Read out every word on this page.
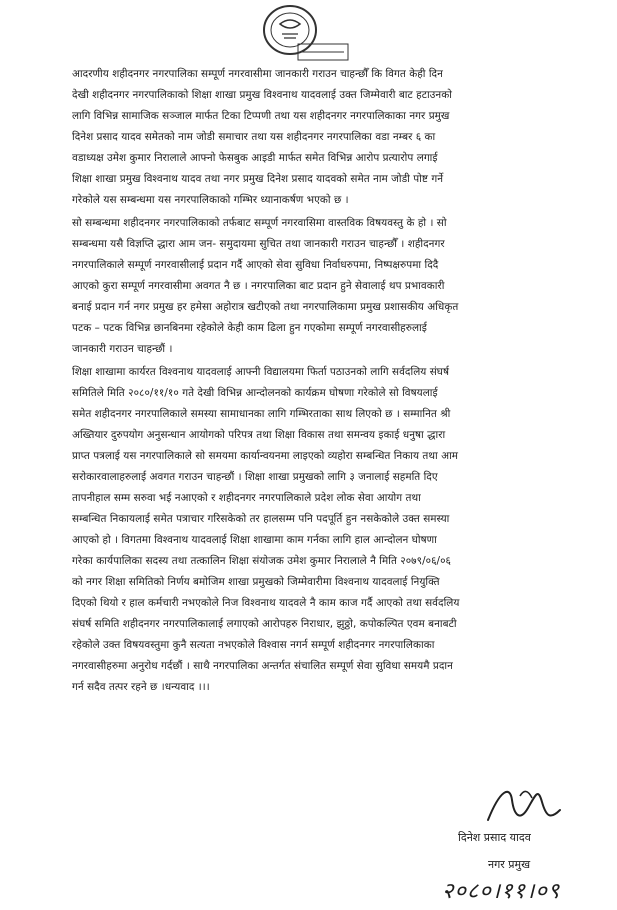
आदरणीय शहीदनगर नगरपालिका सम्पूर्ण नगरवासीमा जानकारी गराउन चाहन्छौँ कि विगत केही दिन
देखी शहीदनगर नगरपालिकाको शिक्षा शाखा प्रमुख विश्वनाथ यादवलाई उक्त जिम्मेवारी बाट हटाउनको
लागि विभिन्न सामाजिक सञ्जाल मार्फत टिका टिप्पणी तथा यस शहीदनगर नगरपालिकाका नगर प्रमुख
दिनेश प्रसाद यादव समेतको नाम जोडी समाचार तथा यस शहीदनगर नगरपालिका वडा नम्बर ६ का
वडाध्यक्ष उमेश कुमार निरालाले आफ्नो फेसबुक आइडी मार्फत समेत विभिन्न आरोप प्रत्यारोप लगाई
शिक्षा शाखा प्रमुख विश्वनाथ यादव तथा नगर प्रमुख दिनेश प्रसाद यादवको समेत नाम जोडी पोष्ट गर्ने
गरेकोले यस सम्बन्धमा यस नगरपालिकाको गम्भिर ध्यानाकर्षण भएको छ ।
सो सम्बन्धमा शहीदनगर नगरपालिकाको तर्फबाट सम्पूर्ण नगरवासिमा वास्तविक विषयवस्तु के हो । सो
सम्बन्धमा यसै विज्ञप्ति द्धारा आम जन- समुदायमा सुचित तथा जानकारी गराउन चाहन्छौँ । शहीदनगर
नगरपालिकाले सम्पूर्ण नगरवासीलाई प्रदान गर्दै आएको सेवा सुविधा निर्वाधरुपमा, निष्पक्षरुपमा दिदै
आएको कुरा सम्पूर्ण नगरवासीमा अवगत नै छ । नगरपालिका बाट प्रदान हुने सेवालाई थप प्रभावकारी
बनाई प्रदान गर्न नगर प्रमुख हर हमेसा अहोरात्र खटीएको तथा नगरपालिकामा प्रमुख प्रशासकीय अधिकृत
पटक – पटक विभिन्न छानबिनमा रहेकोले केही काम ढिला हुन गएकोमा सम्पूर्ण नगरवासीहरुलाई
जानकारी गराउन चाहन्छौं ।
शिक्षा शाखामा कार्यरत विश्वनाथ यादवलाई आफ्नी विद्यालयमा फिर्ता पठाउनको लागि सर्वदलिय संघर्ष
समितिले मिति २०८०/११/१० गते देखी विभिन्न आन्दोलनको कार्यक्रम घोषणा गरेकोले सो विषयलाई
समेत शहीदनगर नगरपालिकाले समस्या सामाधानका लागि गम्भिरताका साथ लिएको छ । सम्मानित श्री
अख्तियार दुरुपयोग अनुसन्धान आयोगको परिपत्र तथा शिक्षा विकास तथा समन्वय इकाई धनुषा द्धारा
प्राप्त पत्रलाई यस नगरपालिकाले सो समयमा कार्यान्वयनमा लाइएको व्यहोरा सम्बन्धित निकाय तथा आम
सरोकारवालाहरुलाई अवगत गराउन चाहन्छौं । शिक्षा शाखा प्रमुखको लागि ३ जनालाई सहमति दिए
तापनीहाल सम्म सरुवा भई नआएको र शहीदनगर नगरपालिकाले प्रदेश लोक सेवा आयोग तथा
सम्बन्धित निकायलाई समेत पत्राचार गरिसकेको तर हालसम्म पनि पदपूर्ति हुन नसकेकोले उक्त समस्या
आएको हो । विगतमा विश्वनाथ यादवलाई शिक्षा शाखामा काम गर्नका लागि हाल आन्दोलन घोषणा
गरेका कार्यपालिका सदस्य तथा तत्कालिन शिक्षा संयोजक उमेश कुमार निरालाले नै मिति २०७९/०६/०६
को नगर शिक्षा समितिको निर्णय बमोजिम शाखा प्रमुखको जिम्मेवारीमा विश्वनाथ यादवलाई नियुक्ति
दिएको थियो र हाल कर्मचारी नभएकोले निज विश्वनाथ यादवले नै काम काज गर्दै आएको तथा सर्वदलिय
संघर्ष समिति शहीदनगर नगरपालिकालाई लगाएको आरोपहरु निराधार, झुठ्ठो, कपोकल्पित एवम बनाबटी
रहेकोले उक्त विषयवस्तुमा कुनै सत्यता नभएकोले विश्वास नगर्न सम्पूर्ण शहीदनगर नगरपालिकाका
नगरवासीहरुमा अनुरोध गर्दछौं । साथै नगरपालिका अन्तर्गत संचालित सम्पूर्ण सेवा सुविधा समयमै प्रदान
गर्न सदैव तत्पर रहने छ ।धन्यवाद ।।।
दिनेश प्रसाद यादव
नगर प्रमुख
२०८०।११।०९
